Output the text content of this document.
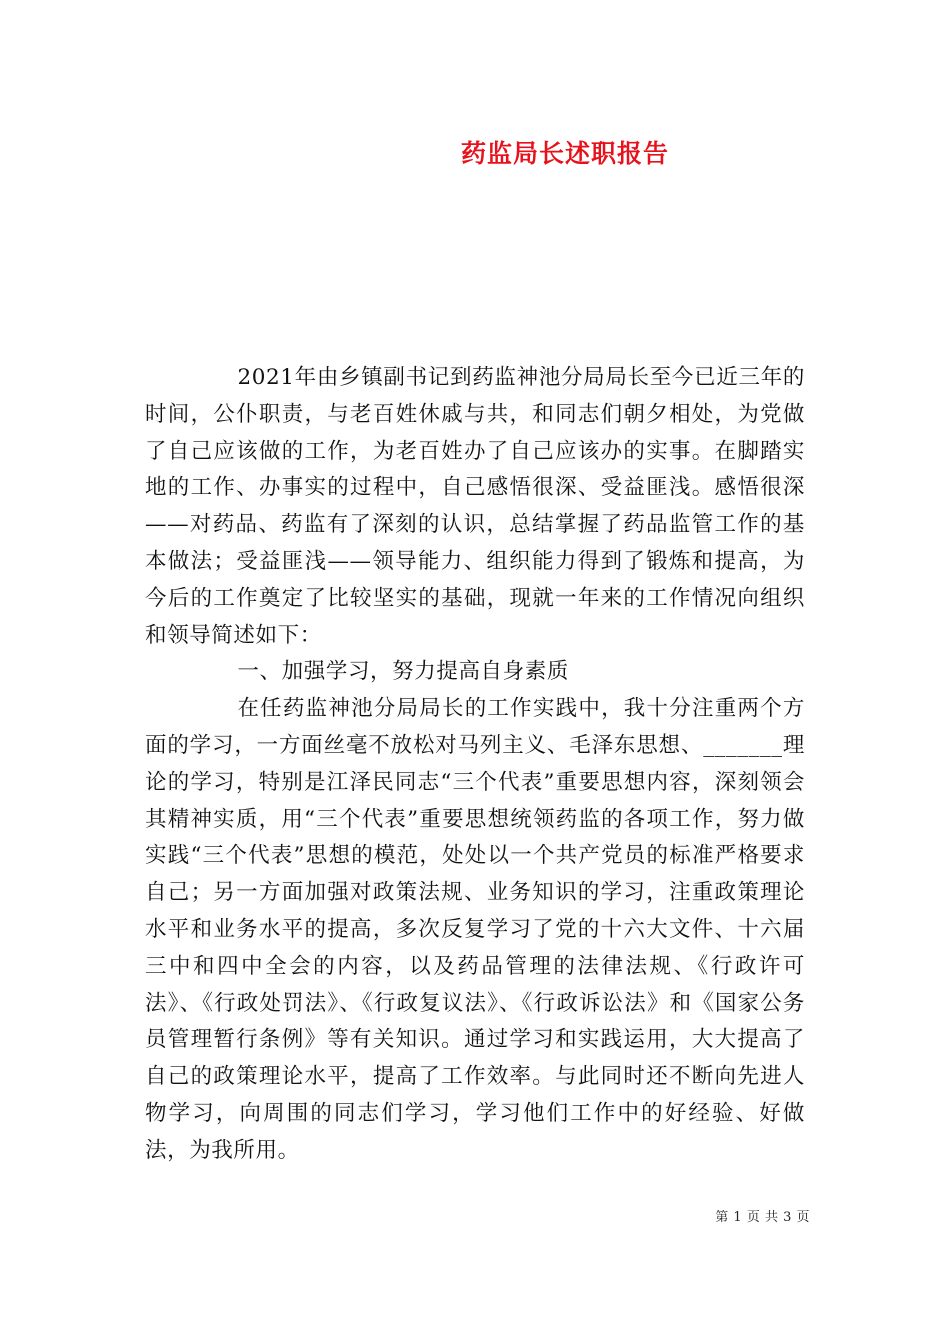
药监局长述职报告

2021年由乡镇副书记到药监神池分局局长至今已近三年的时间，公仆职责，与老百姓休戚与共，和同志们朝夕相处，为党做了自己应该做的工作，为老百姓办了自己应该办的实事。在脚踏实地的工作、办事实的过程中，自己感悟很深、受益匪浅。感悟很深——对药品、药监有了深刻的认识，总结掌握了药品监管工作的基本做法；受益匪浅——领导能力、组织能力得到了锻炼和提高，为今后的工作奠定了比较坚实的基础，现就一年来的工作情况向组织和领导简述如下：

一、加强学习，努力提高自身素质

在任药监神池分局局长的工作实践中，我十分注重两个方面的学习，一方面丝毫不放松对马列主义、毛泽东思想、_______理论的学习，特别是江泽民同志“三个代表”重要思想内容，深刻领会其精神实质，用“三个代表”重要思想统领药监的各项工作，努力做实践“三个代表”思想的模范，处处以一个共产党员的标准严格要求自己；另一方面加强对政策法规、业务知识的学习，注重政策理论水平和业务水平的提高，多次反复学习了党的十六大文件、十六届三中和四中全会的内容，以及药品管理的法律法规、《行政许可法》、《行政处罚法》、《行政复议法》、《行政诉讼法》和《国家公务员管理暂行条例》等有关知识。通过学习和实践运用，大大提高了自己的政策理论水平，提高了工作效率。与此同时还不断向先进人物学习，向周围的同志们学习，学习他们工作中的好经验、好做法，为我所用。

第 1 页 共 3 页
